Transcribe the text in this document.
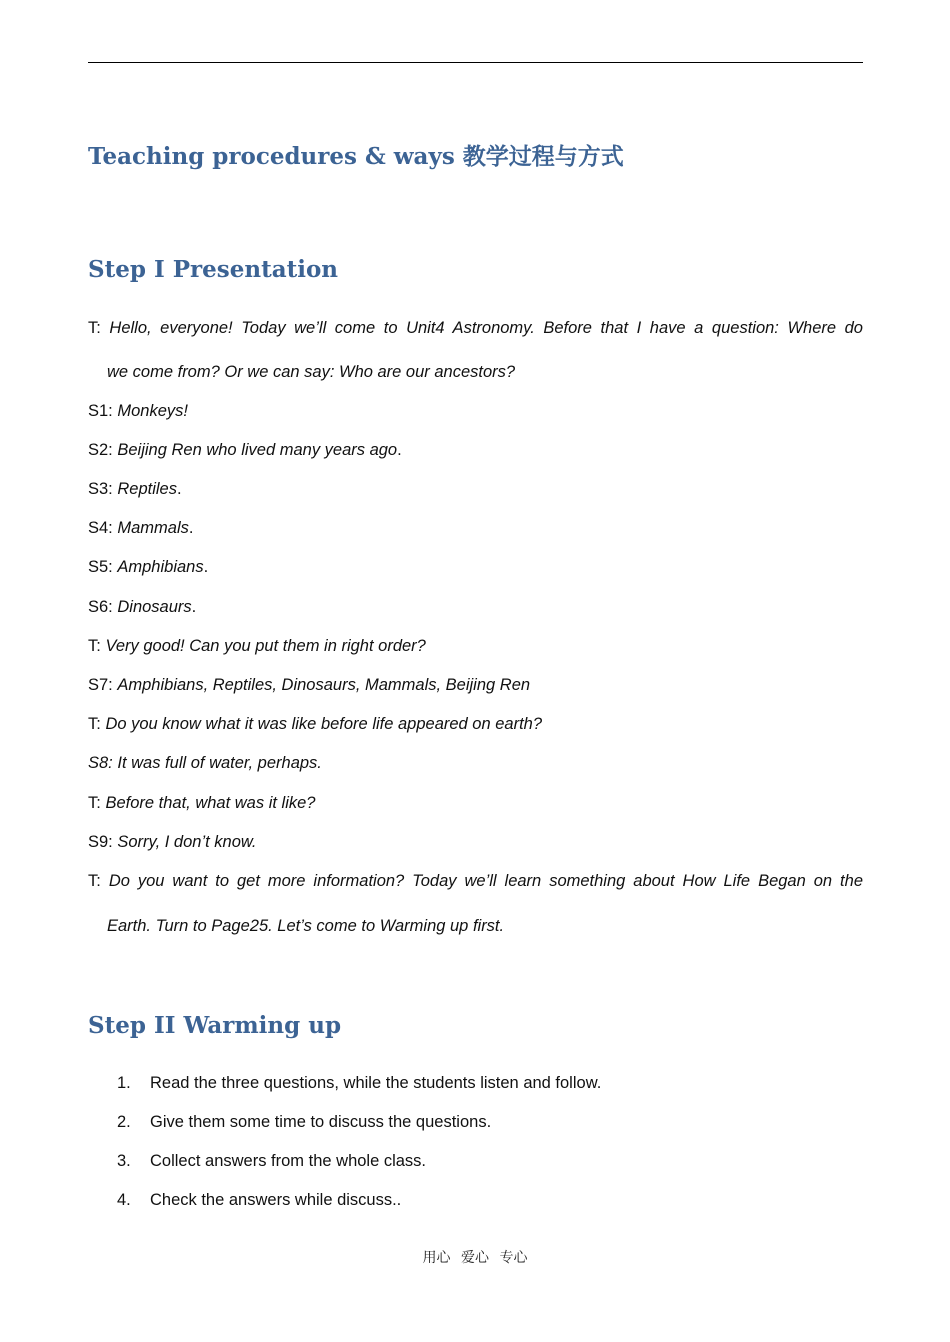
Teaching procedures & ways 教学过程与方式
Step I Presentation
T: Hello, everyone! Today we’ll come to Unit4 Astronomy. Before that I have a question: Where do
we come from? Or we can say: Who are our ancestors?
S1: Monkeys!
S2: Beijing Ren who lived many years ago.
S3: Reptiles.
S4: Mammals.
S5: Amphibians.
S6: Dinosaurs.
T: Very good! Can you put them in right order?
S7: Amphibians, Reptiles, Dinosaurs, Mammals, Beijing Ren
T: Do you know what it was like before life appeared on earth?
S8: It was full of water, perhaps.
T: Before that, what was it like?
S9: Sorry, I don’t know.
T: Do you want to get more information? Today we’ll learn something about How Life Began on the
Earth. Turn to Page25. Let’s come to Warming up first.
Step II Warming up
1. Read the three questions, while the students listen and follow.
2. Give them some time to discuss the questions.
3. Collect answers from the whole class.
4. Check the answers while discuss..
用心 爱心 专心
